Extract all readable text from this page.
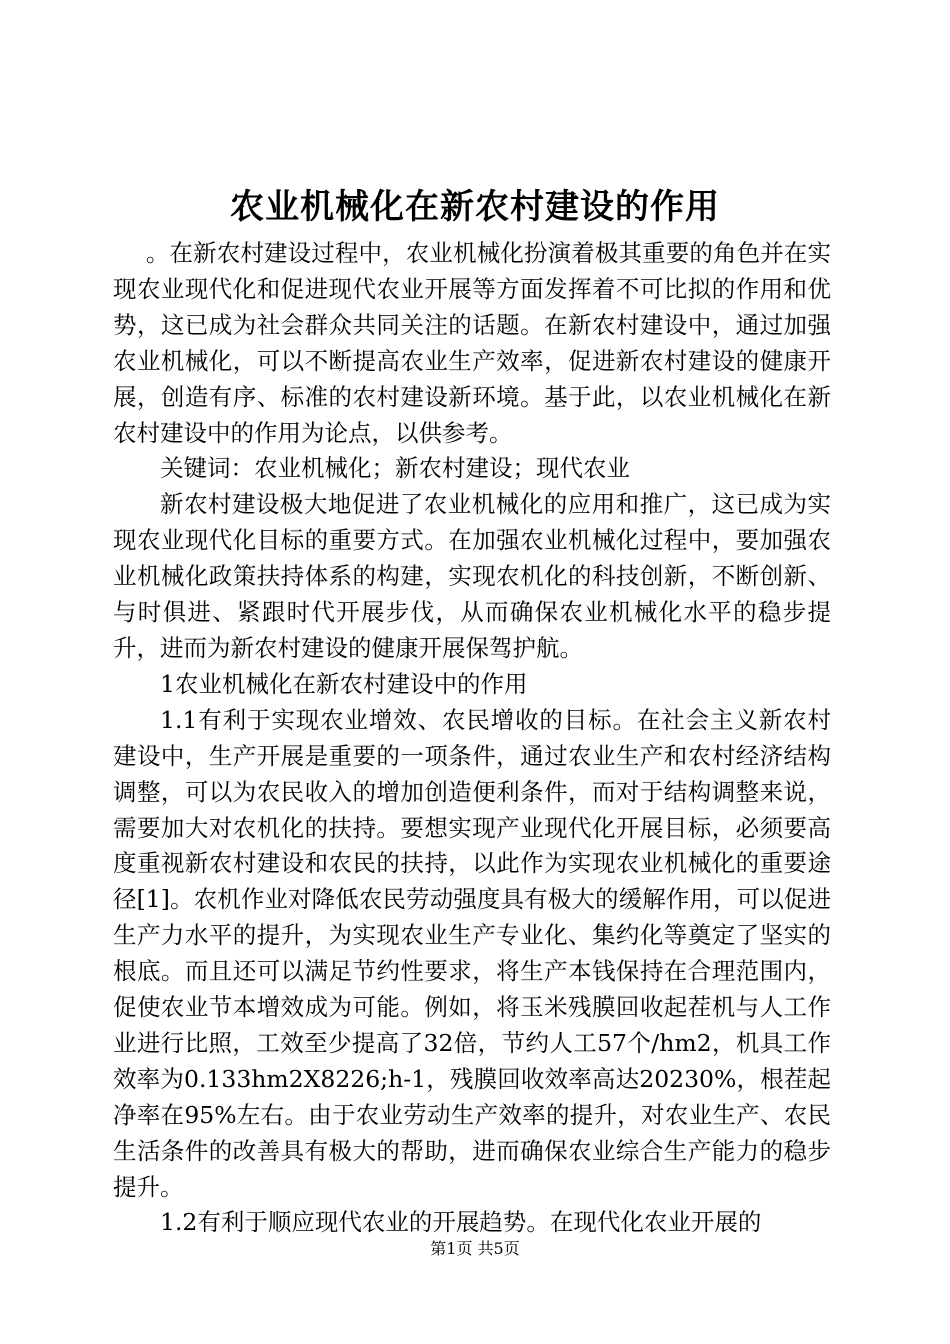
农业机械化在新农村建设的作用

。在新农村建设过程中，农业机械化扮演着极其重要的角色并在实现农业现代化和促进现代农业开展等方面发挥着不可比拟的作用和优势，这已成为社会群众共同关注的话题。在新农村建设中，通过加强农业机械化，可以不断提高农业生产效率，促进新农村建设的健康开展，创造有序、标准的农村建设新环境。基于此，以农业机械化在新农村建设中的作用为论点，以供参考。

关键词：农业机械化；新农村建设；现代农业

新农村建设极大地促进了农业机械化的应用和推广，这已成为实现农业现代化目标的重要方式。在加强农业机械化过程中，要加强农业机械化政策扶持体系的构建，实现农机化的科技创新，不断创新、与时俱进、紧跟时代开展步伐，从而确保农业机械化水平的稳步提升，进而为新农村建设的健康开展保驾护航。

1农业机械化在新农村建设中的作用

1.1有利于实现农业增效、农民增收的目标。在社会主义新农村建设中，生产开展是重要的一项条件，通过农业生产和农村经济结构调整，可以为农民收入的增加创造便利条件，而对于结构调整来说，需要加大对农机化的扶持。要想实现产业现代化开展目标，必须要高度重视新农村建设和农民的扶持，以此作为实现农业机械化的重要途径[1]。农机作业对降低农民劳动强度具有极大的缓解作用，可以促进生产力水平的提升，为实现农业生产专业化、集约化等奠定了坚实的根底。而且还可以满足节约性要求，将生产本钱保持在合理范围内，促使农业节本增效成为可能。例如，将玉米残膜回收起茬机与人工作业进行比照，工效至少提高了32倍，节约人工57个/hm2，机具工作效率为0.133hm2X8226;h-1，残膜回收效率高达20230%，根茬起净率在95%左右。由于农业劳动生产效率的提升，对农业生产、农民生活条件的改善具有极大的帮助，进而确保农业综合生产能力的稳步提升。

1.2有利于顺应现代农业的开展趋势。在现代化农业开展的

第1页 共5页
